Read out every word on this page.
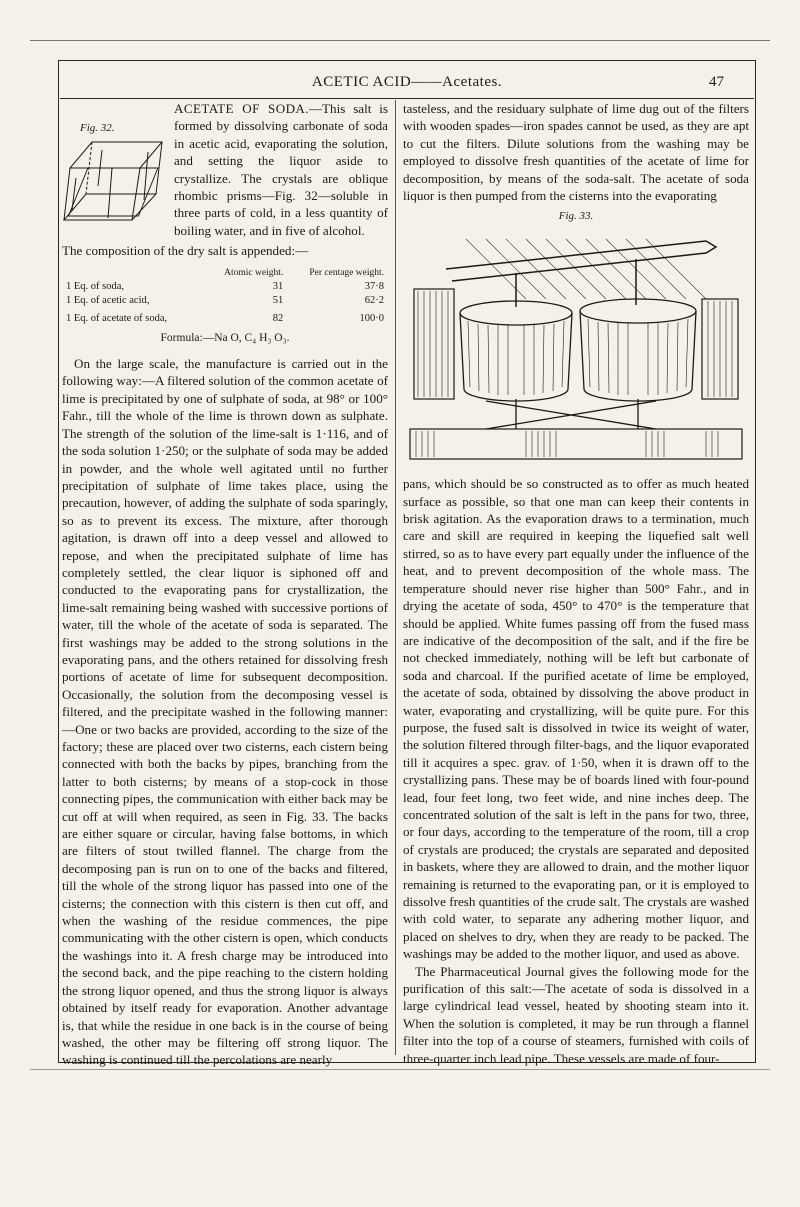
ACETIC ACID——Acetates.	47

ACETATE OF SODA.
—This salt is formed by dissolving carbonate of soda in acetic acid, evaporating the solution, and setting the liquor aside to crystallize. The crystals are oblique rhombic prisms—Fig. 32—soluble in three parts of cold, in a less quantity of boiling water, and in five of alcohol.

Fig. 32.

The composition of the dry salt is appended:—

	Atomic weight.	Per centage weight.
1 Eq. of soda,	31	37·8
1 Eq. of acetic acid,	51	62·2
1 Eq. of acetate of soda,	82	100·0
Formula:—Na O, C₄ H₃ O₃.

On the large scale, the manufacture is carried out in the following way:—A filtered solution of the common acetate of lime is precipitated by one of sulphate of soda, at 98° or 100° Fahr., till the whole of the lime is thrown down as sulphate. The strength of the solution of the lime-salt is 1·116, and of the soda solution 1·250; or the sulphate of soda may be added in powder, and the whole well agitated until no further precipitation of sulphate of lime takes place, using the precaution, however, of adding the sulphate of soda sparingly, so as to prevent its excess. The mixture, after thorough agitation, is drawn off into a deep vessel and allowed to repose, and when the precipitated sulphate of lime has completely settled, the clear liquor is siphoned off and conducted to the evaporating pans for crystallization, the lime-salt remaining being washed with successive portions of water, till the whole of the acetate of soda is separated. The first washings may be added to the strong solutions in the evaporating pans, and the others retained for dissolving fresh portions of acetate of lime for subsequent decomposition. Occasionally, the solution from the decomposing vessel is filtered, and the precipitate washed in the following manner:—One or two backs are provided, according to the size of the factory; these are placed over two cisterns, each cistern being connected with both the backs by pipes, branching from the latter to both cisterns; by means of a stop-cock in those connecting pipes, the communication with either back may be cut off at will when required, as seen in Fig. 33. The backs are either square or circular, having false bottoms, in which are filters of stout twilled flannel. The charge from the decomposing pan is run on to one of the backs and filtered, till the whole of the strong liquor has passed into one of the cisterns; the connection with this cistern is then cut off, and when the washing of the residue commences, the pipe communicating with the other cistern is open, which conducts the washings into it. A fresh charge may be introduced into the second back, and the pipe reaching to the cistern holding the strong liquor opened, and thus the strong liquor is always obtained by itself ready for evaporation. Another advantage is, that while the residue in one back is in the course of being washed, the other may be filtering off strong liquor. The washing is continued till the percolations are nearly

tasteless, and the residuary sulphate of lime dug out of the filters with wooden spades—iron spades cannot be used, as they are apt to cut the filters. Dilute solutions from the washing may be employed to dissolve fresh quantities of the acetate of lime for decomposition, by means of the soda-salt. The acetate of soda liquor is then pumped from the cisterns into the evaporating

Fig. 33.

pans, which should be so constructed as to offer as much heated surface as possible, so that one man can keep their contents in brisk agitation. As the evaporation draws to a termination, much care and skill are required in keeping the liquefied salt well stirred, so as to have every part equally under the influence of the heat, and to prevent decomposition of the whole mass. The temperature should never rise higher than 500° Fahr., and in drying the acetate of soda, 450° to 470° is the temperature that should be applied. White fumes passing off from the fused mass are indicative of the decomposition of the salt, and if the fire be not checked immediately, nothing will be left but carbonate of soda and charcoal. If the purified acetate of lime be employed, the acetate of soda, obtained by dissolving the above product in water, evaporating and crystallizing, will be quite pure. For this purpose, the fused salt is dissolved in twice its weight of water, the solution filtered through filter-bags, and the liquor evaporated till it acquires a spec. grav. of 1·50, when it is drawn off to the crystallizing pans. These may be of boards lined with four-pound lead, four feet long, two feet wide, and nine inches deep. The concentrated solution of the salt is left in the pans for two, three, or four days, according to the temperature of the room, till a crop of crystals are produced; the crystals are separated and deposited in baskets, where they are allowed to drain, and the mother liquor remaining is returned to the evaporating pan, or it is employed to dissolve fresh quantities of the crude salt. The crystals are washed with cold water, to separate any adhering mother liquor, and placed on shelves to dry, when they are ready to be packed. The washings may be added to the mother liquor, and used as above.

The Pharmaceutical Journal gives the following mode for the purification of this salt:—The acetate of soda is dissolved in a large cylindrical lead vessel, heated by shooting steam into it. When the solution is completed, it may be run through a flannel filter into the top of a course of steamers, furnished with coils of three-quarter inch lead pipe. These vessels are made of four-
